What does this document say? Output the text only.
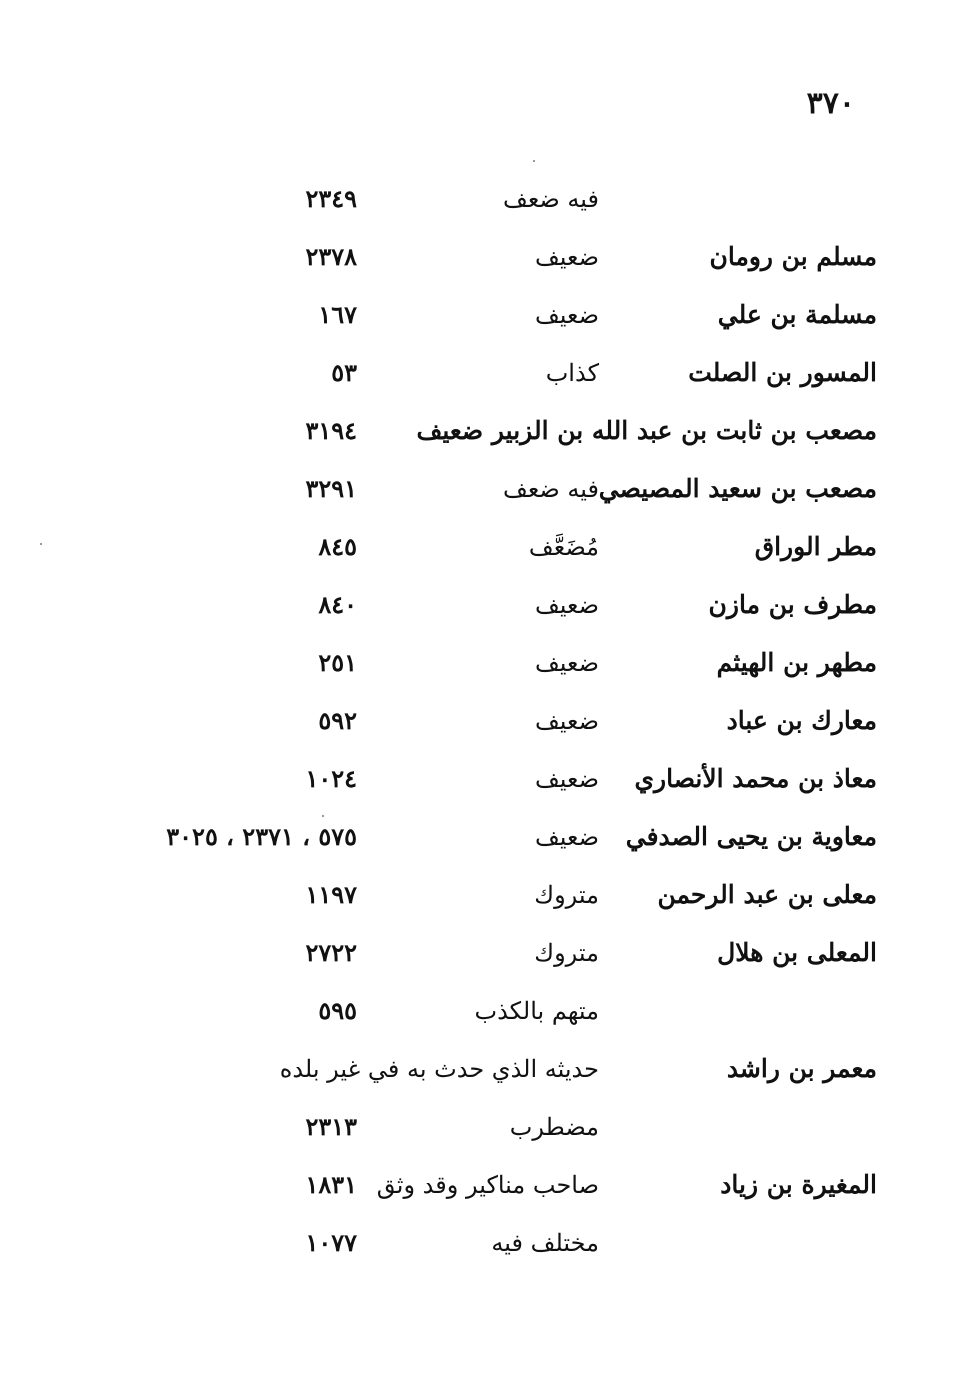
٣٧٠
فيه ضعف
٢٣٤٩
مسلم بن رومان
ضعيف
٢٣٧٨
مسلمة بن علي
ضعيف
١٦٧
المسور بن الصلت
كذاب
٥٣
مصعب بن ثابت بن عبد الله بن الزبير ضعيف
٣١٩٤
مصعب بن سعيد المصيصي
فيه ضعف
٣٢٩١
مطر الوراق
مُضَعَّف
٨٤٥
مطرف بن مازن
ضعيف
٨٤٠
مطهر بن الهيثم
ضعيف
٢٥١
معارك بن عباد
ضعيف
٥٩٢
معاذ بن محمد الأنصاري
ضعيف
١٠٢٤
معاوية بن يحيى الصدفي
ضعيف
٥٧٥ ، ٢٣٧١ ، ٣٠٢٥
معلى بن عبد الرحمن
متروك
١١٩٧
المعلى بن هلال
متروك
٢٧٢٢
متهم بالكذب
٥٩٥
معمر بن راشد
حديثه الذي حدث به في غير بلده
مضطرب
٢٣١٣
المغيرة بن زياد
صاحب مناكير وقد وثق
١٨٣١
مختلف فيه
١٠٧٧
